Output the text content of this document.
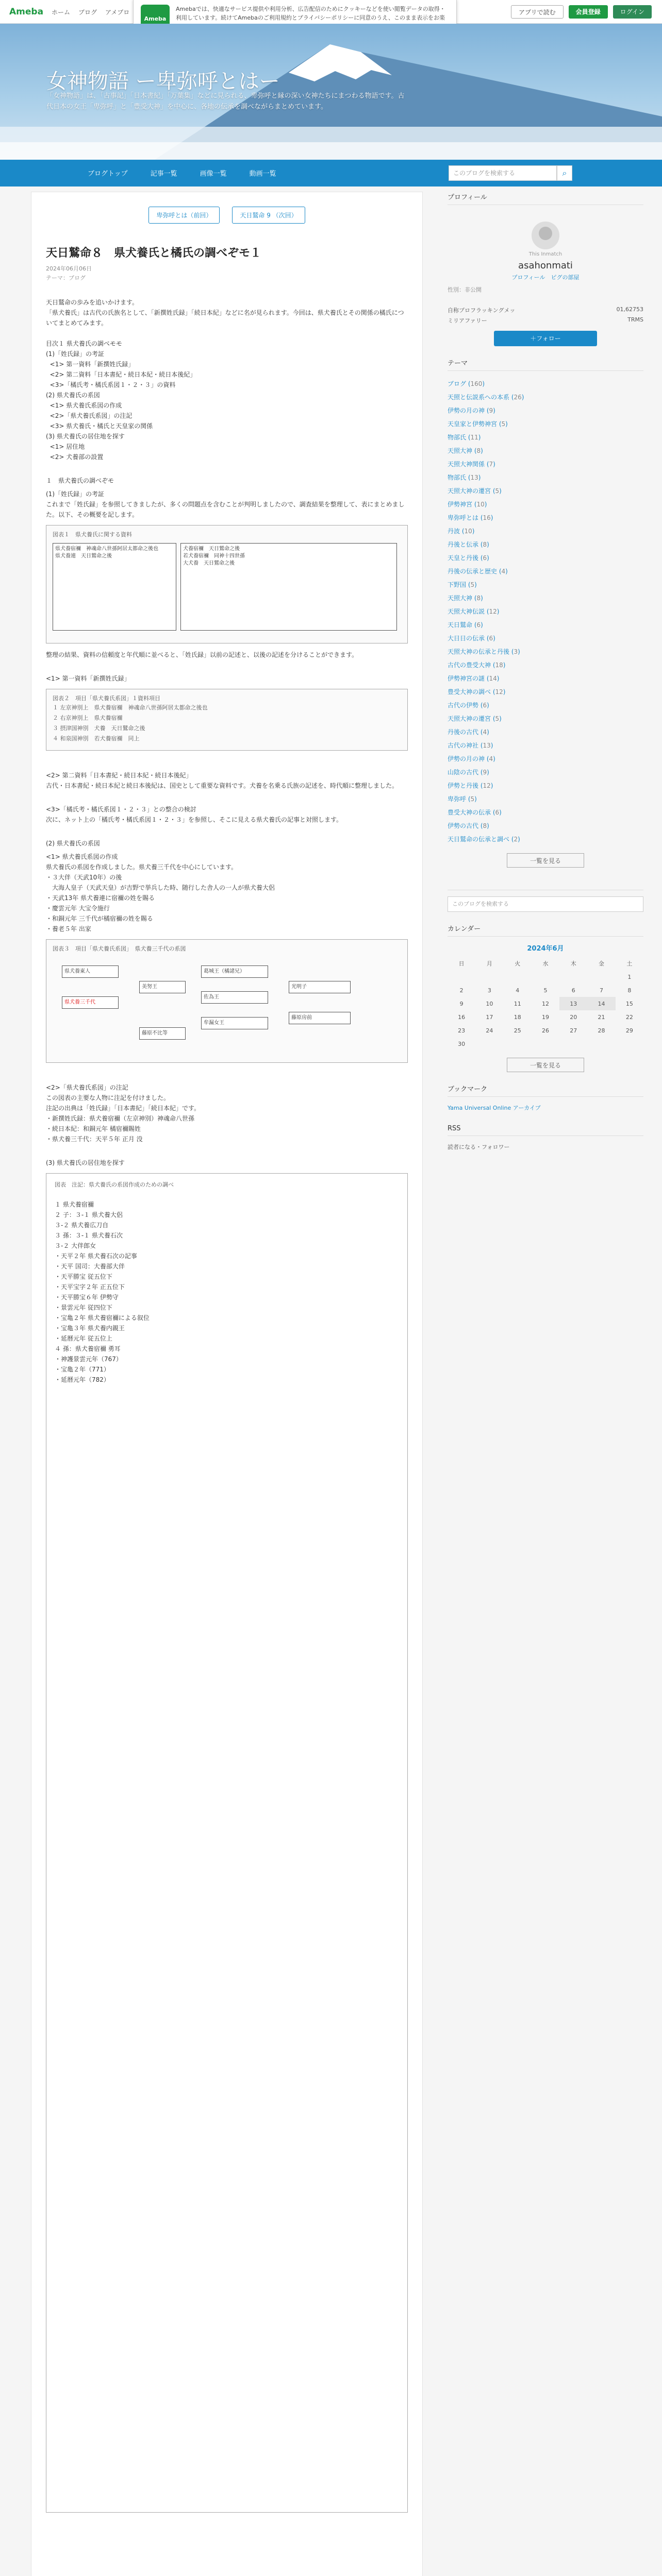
Ameba ホーム ブログ アメブロ	アプリで読む	会員登録	ログイン
Ameba
Amebaでは、快適なサービス提供や利用分析、広告配信のためにクッキーなどを使い閲覧データの取得・利用しています。続けてAmebaのご利用規約とプライバシーポリシーに同意のうえ、このまま表示をお楽
女神物語 ー卑弥呼とはー
「女神物語」は、「古事記」「日本書紀」「万葉集」などに見られる、卑弥呼と縁の深い女神たちにまつわる物語です。古代日本の女王「卑弥呼」と「豊受大神」を中心に、各地の伝承を調べながらまとめています。
ブログトップ	記事一覧	画像一覧	動画一覧	このブログを検索する	⌕
卑弥呼とは（前回）	天日鷲命 9 （次回）
天日鷲命８　県犬養氏と橘氏の調べぞモ１
2024年06月06日
テーマ：ブログ

天日鷲命の歩みを追いかけます。

「県犬養氏」は古代の氏族名として、「新撰姓氏録」「続日本紀」などに名が見られます。今回は、県犬養氏とその関係の橘氏についてまとめてみます。

目次１ 県犬養氏の調べモモ

(1)「姓氏録」の考証

<1> 第一資料「新撰姓氏録」

<2> 第二資料「日本書紀・続日本紀・続日本後紀」

<3>「橘氏考・橘氏系図１・２・３」の資料

(2) 県犬養氏の系図

<1> 県犬養氏系図の作成

<2>「県犬養氏系図」の注記

<3> 県犬養氏・橘氏と天皇家の関係

(3) 県犬養氏の居住地を探す

<1> 居住地

<2> 犬養部の設置

１　県犬養氏の調べぞモ

(1)「姓氏録」の考証

これまで「姓氏録」を参照してきましたが、多くの問題点を含むことが判明しましたので、調査結果を整理して、表にまとめました。以下、その概要を記します。

図表１　県犬養氏に関する資料
県犬養宿禰　神魂命八世孫阿居太都命之後也
県犬養連　天日鷲命之後
犬養宿禰　天日鷲命之後
若犬養宿禰　同神十四世孫
大犬養　天日鷲命之後

整理の結果、資料の信頼度と年代順に並べると、「姓氏録」以前の記述と、以後の記述を分けることができます。

<1> 第一資料「新撰姓氏録」

図表２　項目「県犬養氏系図」１資料項目
１ 左京神別上　県犬養宿禰　神魂命八世孫阿居太都命之後也
２ 右京神別上　県犬養宿禰
３ 摂津国神別　犬養　天日鷲命之後
４ 和泉国神別　若犬養宿禰　同上

<2> 第二資料「日本書紀・続日本紀・続日本後紀」

古代・日本書紀・続日本紀と続日本後紀は、国史として重要な資料です。犬養を名乗る氏族の記述を、時代順に整理しました。

<3>「橘氏考・橘氏系図１・２・３」との整合の検討

次に、ネット上の「橘氏考・橘氏系図１・２・３」を参照し、そこに見える県犬養氏の記事と対照します。

(2) 県犬養氏の系図

<1> 県犬養氏系図の作成

県犬養氏の系図を作成しました。県犬養三千代を中心にしています。

・３大伴（天武10年）の後
　大海人皇子（天武天皇）が吉野で挙兵した時、随行した舎人の一人が県犬養大侶
・天武13年 県犬養連に宿禰の姓を賜る
・慶雲元年 大宝令施行
・和銅元年 三千代が橘宿禰の姓を賜る
・養老５年 出家
図表３　項目「県犬養氏系図」　県犬養三千代の系図
県犬養東人
県犬養三千代
美努王
葛城王（橘諸兄）
佐為王
牟漏女王
藤原不比等
光明子
藤原房前

<2>「県犬養氏系図」の注記

この図表の主要な人物に注記を付けました。
注記の出典は「姓氏録」「日本書紀」「続日本紀」です。
・新撰姓氏録：県犬養宿禰（左京神別）神魂命八世孫
・続日本紀：和銅元年 橘宿禰賜姓
・県犬養三千代：天平５年 正月 没

(3) 県犬養氏の居住地を探す

図表　注記：県犬養氏の系図作成のための調べ
１ 県犬養宿禰
２ 子：３-１ 県犬養大侶
３-２ 県犬養広刀自
３ 孫：３-１ 県犬養石次
３-２ 大伴郎女
・天平２年 県犬養石次の記事
・天平 国司：大養部大伴
・天平勝宝 従五位下
・天平宝字２年 正五位下
・天平勝宝６年 伊勢守
・景雲元年 従四位下
・宝亀２年 県犬養宿禰による叙位
・宝亀３年 県犬養内親王
・延暦元年 従五位上
４ 孫：県犬養宿禰 勇耳
・神護景雲元年（767）
・宝亀２年（771）
・延暦元年（782）
プロフィール
This Inmatch
asahonmati
プロフィール　 ピグの部屋
性別：非公開
自称プロフラッキングメッ	01,62753
ミリアファリー	TRMS
＋フォロー
テーマ

ブログ (160)

天照と伝説系への本系 (26)

伊勢の月の神 (9)

天皇家と伊勢神宮 (5)

物部氏 (11)

天照大神 (8)

天照大神関係 (7)

物部氏 (13)

天照大神の遷宮 (5)

伊勢神宮 (10)

卑弥呼とは (16)

丹波 (10)

丹後と伝承 (8)

天皇と丹後 (6)

丹後の伝承と歴史 (4)

下野国 (5)

天照大神 (8)

天照大神伝説 (12)

天日鷲命 (6)

大日日の伝承 (6)

天照大神の伝承と丹後 (3)

古代の豊受大神 (18)

伊勢神宮の謎 (14)

豊受大神の調べ (12)

古代の伊勢 (6)

天照大神の遷宮 (5)

丹後の古代 (4)

古代の神社 (13)

伊勢の月の神 (4)

山陰の古代 (9)

伊勢と丹後 (12)

卑弥呼 (5)

豊受大神の伝承 (6)

伊勢の古代 (8)

天日鷲命の伝承と調べ (2)

一覧を見る

このブログを検索する
カレンダー
2024年6月
日	月	火	水	木	金	土
						1
2	3	4	5	6	7	8
9	10	11	12	13	14	15
16	17	18	19	20	21	22
23	24	25	26	27	28	29
30						
一覧を見る
ブックマーク
Yama Universal Online アーカイブ
RSS
読者になる・フォロワー
